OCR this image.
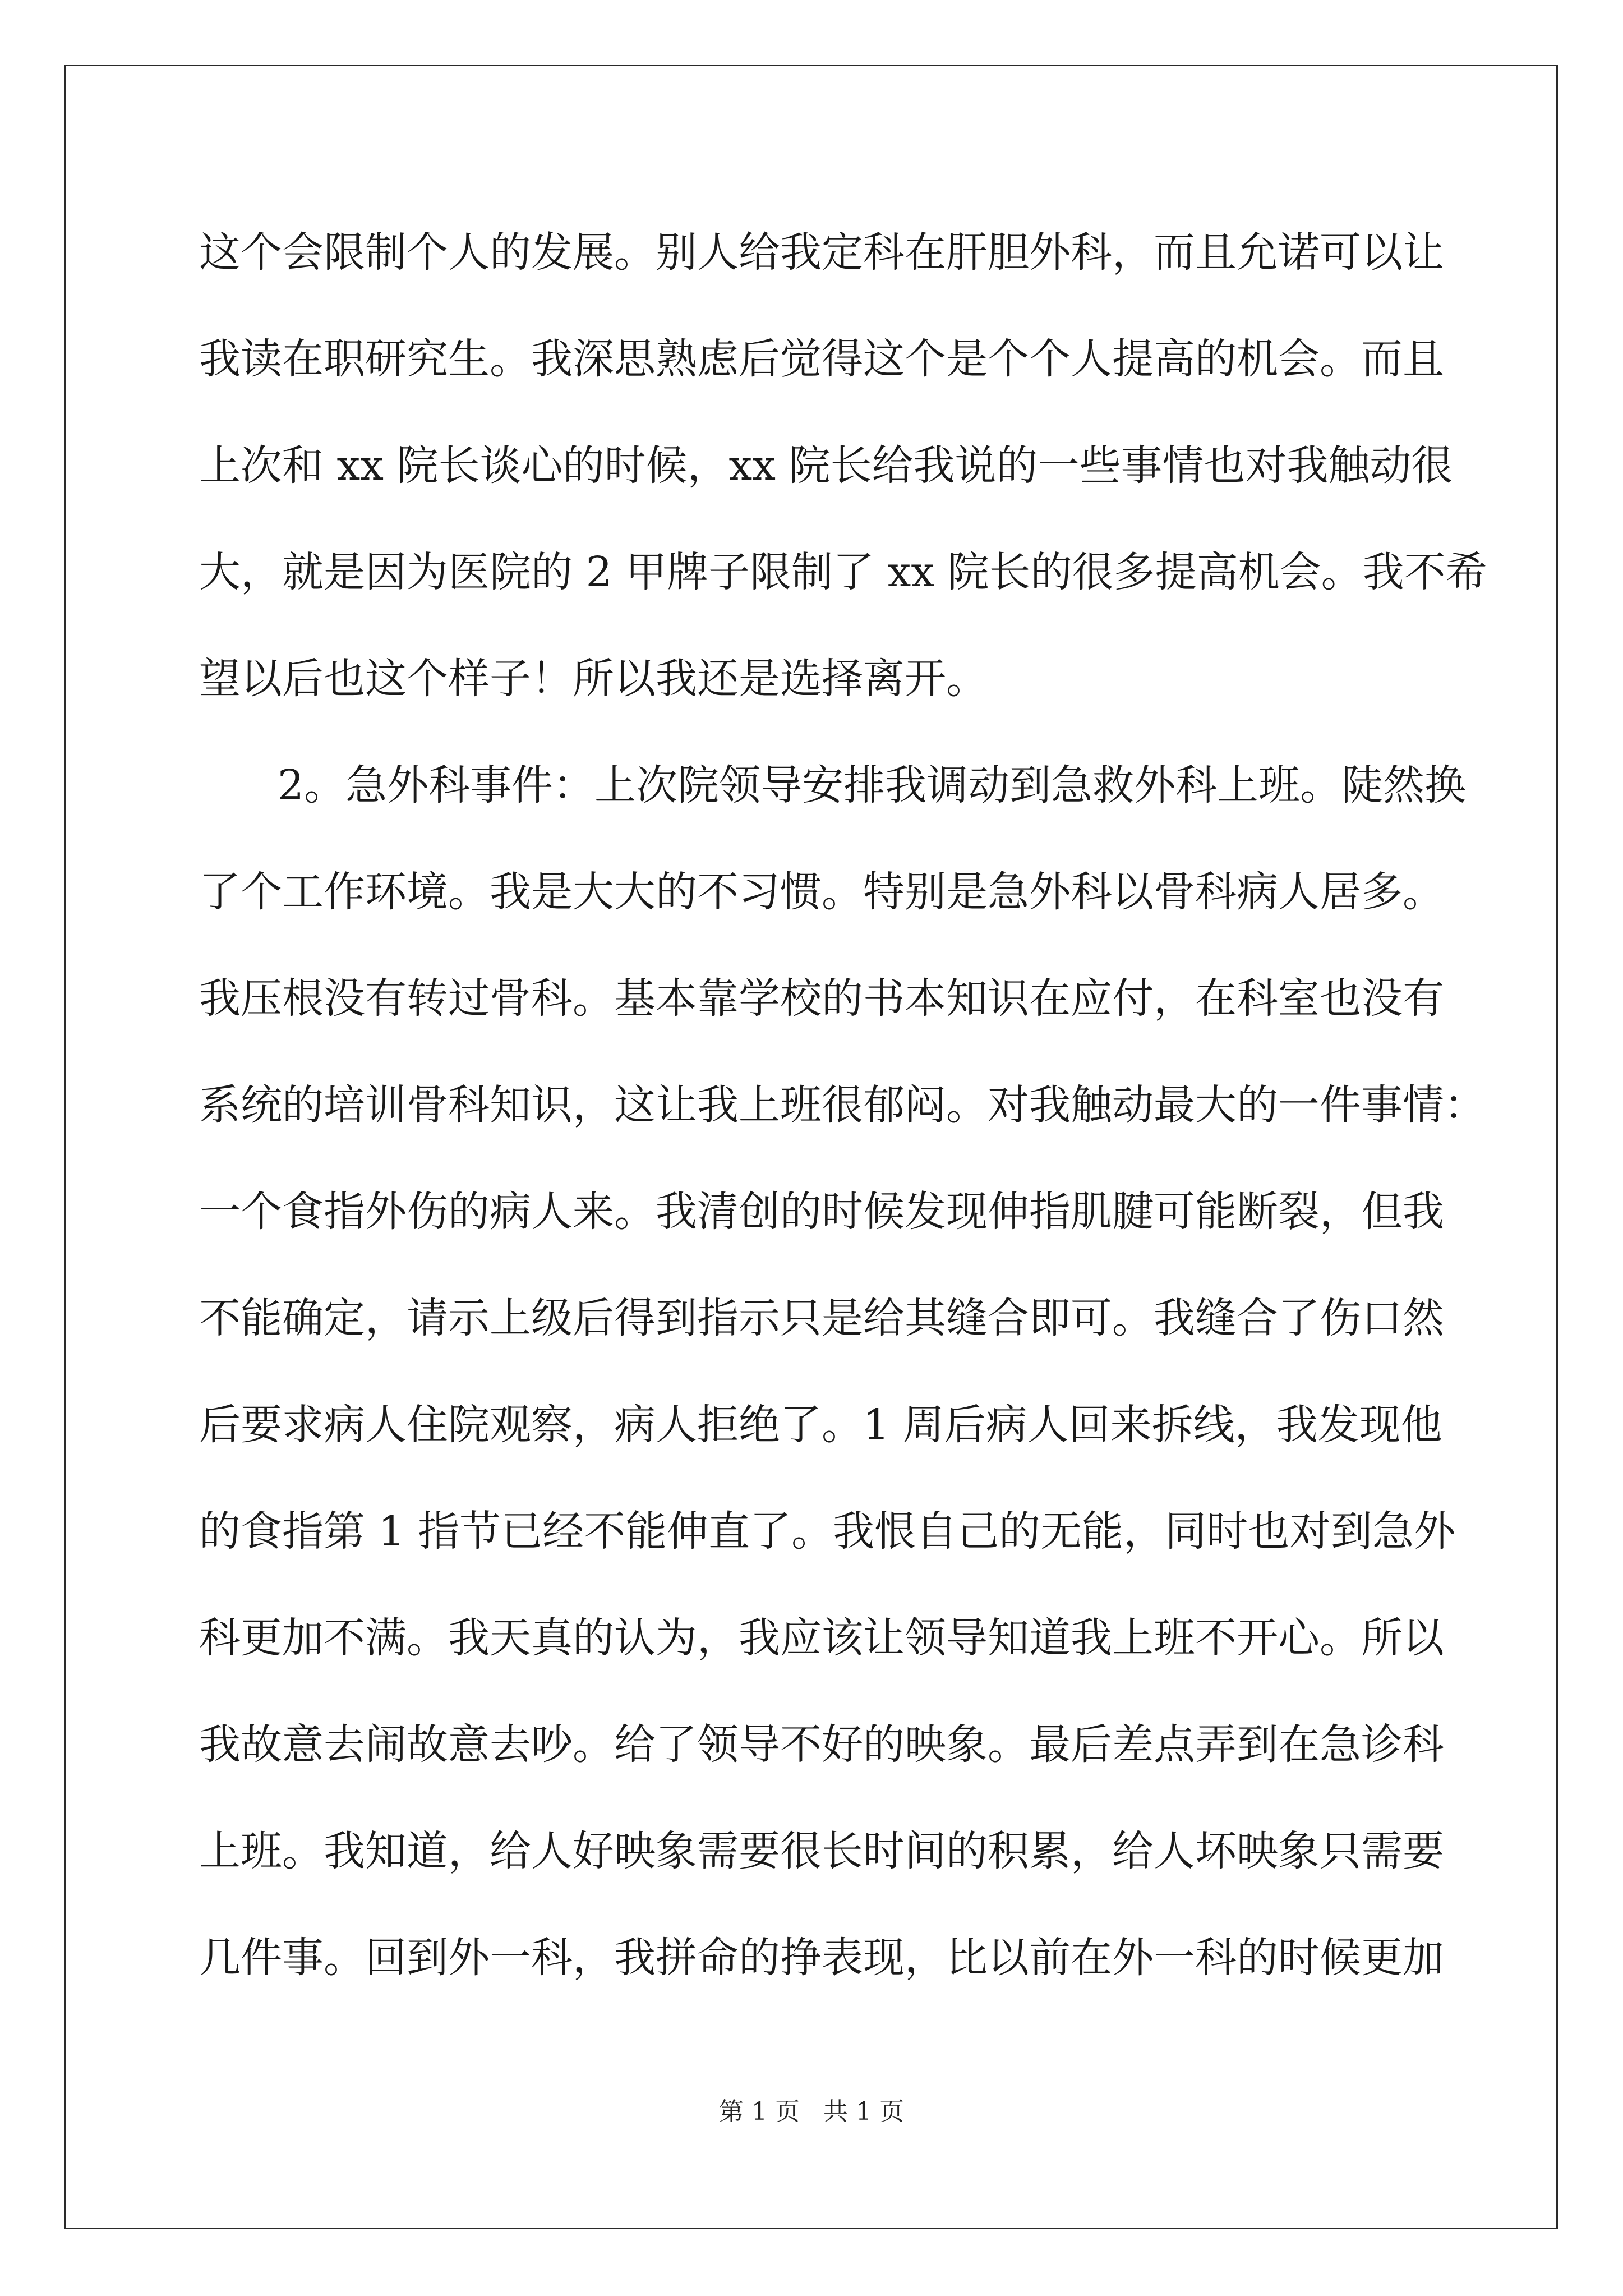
这个会限制个人的发展。别人给我定科在肝胆外科，而且允诺可以让
我读在职研究生。我深思熟虑后觉得这个是个个人提高的机会。而且
上次和 xx 院长谈心的时候，xx 院长给我说的一些事情也对我触动很
大，就是因为医院的 2 甲牌子限制了 xx 院长的很多提高机会。我不希
望以后也这个样子！所以我还是选择离开。
2。急外科事件：上次院领导安排我调动到急救外科上班。陡然换
了个工作环境。我是大大的不习惯。特别是急外科以骨科病人居多。
我压根没有转过骨科。基本靠学校的书本知识在应付，在科室也没有
系统的培训骨科知识，这让我上班很郁闷。对我触动最大的一件事情：
一个食指外伤的病人来。我清创的时候发现伸指肌腱可能断裂，但我
不能确定，请示上级后得到指示只是给其缝合即可。我缝合了伤口然
后要求病人住院观察，病人拒绝了。1 周后病人回来拆线，我发现他
的食指第 1 指节已经不能伸直了。我恨自己的无能，同时也对到急外
科更加不满。我天真的认为，我应该让领导知道我上班不开心。所以
我故意去闹故意去吵。给了领导不好的映象。最后差点弄到在急诊科
上班。我知道，给人好映象需要很长时间的积累，给人坏映象只需要
几件事。回到外一科，我拼命的挣表现，比以前在外一科的时候更加
第 1 页 共 1 页
